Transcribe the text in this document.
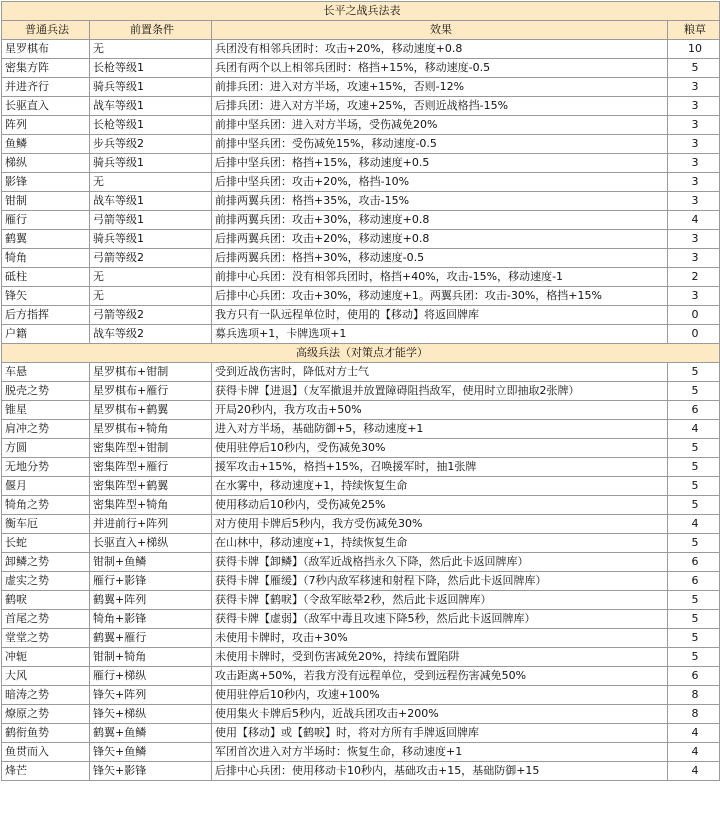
长平之战兵法表			
普通兵法	前置条件	效果	粮草
星罗棋布	无	兵团没有相邻兵团时：攻击+20%，移动速度+0.8	10
密集方阵	长枪等级1	兵团有两个以上相邻兵团时：格挡+15%，移动速度-0.5	5
并进齐行	骑兵等级1	前排兵团：进入对方半场，攻速+15%，否则-12%	3
长驱直入	战车等级1	后排兵团：进入对方半场，攻速+25%，否则近战格挡-15%	3
阵列	长枪等级1	前排中坚兵团：进入对方半场，受伤减免20%	3
鱼鳞	步兵等级2	前排中坚兵团：受伤减免15%，移动速度-0.5	3
梯纵	骑兵等级1	后排中坚兵团：格挡+15%，移动速度+0.5	3
影锋	无	后排中坚兵团：攻击+20%，格挡-10%	3
钳制	战车等级1	前排两翼兵团：格挡+35%，攻击-15%	3
雁行	弓箭等级1	前排两翼兵团：攻击+30%，移动速度+0.8	4
鹤翼	骑兵等级1	后排两翼兵团：攻击+20%，移动速度+0.8	3
犄角	弓箭等级2	后排两翼兵团：格挡+30%，移动速度-0.5	3
砥柱	无	前排中心兵团：没有相邻兵团时，格挡+40%，攻击-15%，移动速度-1	2
锋矢	无	后排中心兵团：攻击+30%，移动速度+1。两翼兵团：攻击-30%，格挡+15%	3
后方指挥	弓箭等级2	我方只有一队远程单位时，使用的【移动】将返回牌库	0
户籍	战车等级2	募兵选项+1，卡牌选项+1	0
高级兵法（对策点才能学）			
车悬	星罗棋布+钳制	受到近战伤害时，降低对方士气	5
脱壳之势	星罗棋布+雁行	获得卡牌【进退】（友军撤退并放置障碍阻挡敌军，使用时立即抽取2张牌）	5
锥星	星罗棋布+鹤翼	开局20秒内，我方攻击+50%	6
肩冲之势	星罗棋布+犄角	进入对方半场，基础防御+5，移动速度+1	4
方圆	密集阵型+钳制	使用驻停后10秒内，受伤减免30%	5
无地分势	密集阵型+雁行	援军攻击+15%，格挡+15%，召唤援军时，抽1张牌	5
偃月	密集阵型+鹤翼	在水雾中，移动速度+1，持续恢复生命	5
犄角之势	密集阵型+犄角	使用移动后10秒内，受伤减免25%	5
衡车厄	并进前行+阵列	对方使用卡牌后5秒内，我方受伤减免30%	4
长蛇	长驱直入+梯纵	在山林中，移动速度+1，持续恢复生命	5
卸鳞之势	钳制+鱼鳞	获得卡牌【卸鳞】（敌军近战格挡永久下降，然后此卡返回牌库）	6
虚实之势	雁行+影锋	获得卡牌【雁缓】（7秒内敌军移速和射程下降，然后此卡返回牌库）	6
鹤唳	鹤翼+阵列	获得卡牌【鹤唳】（令敌军眩晕2秒，然后此卡返回牌库）	5
首尾之势	犄角+影锋	获得卡牌【虚弱】（敌军中毒且攻速下降5秒，然后此卡返回牌库）	5
堂堂之势	鹤翼+雁行	未使用卡牌时，攻击+30%	5
冲轭	钳制+犄角	未使用卡牌时，受到伤害减免20%，持续布置陷阱	5
大风	雁行+梯纵	攻击距离+50%，若我方没有远程单位，受到远程伤害减免50%	6
暗涛之势	锋矢+阵列	使用驻停后10秒内，攻速+100%	8
燎原之势	锋矢+梯纵	使用集火卡牌后5秒内，近战兵团攻击+200%	8
鹤衔鱼势	鹤翼+鱼鳞	使用【移动】或【鹤唳】时，将对方所有手牌返回牌库	4
鱼贯而入	锋矢+鱼鳞	军团首次进入对方半场时：恢复生命，移动速度+1	4
烽芒	锋矢+影锋	后排中心兵团：使用移动卡10秒内，基础攻击+15，基础防御+15	4
